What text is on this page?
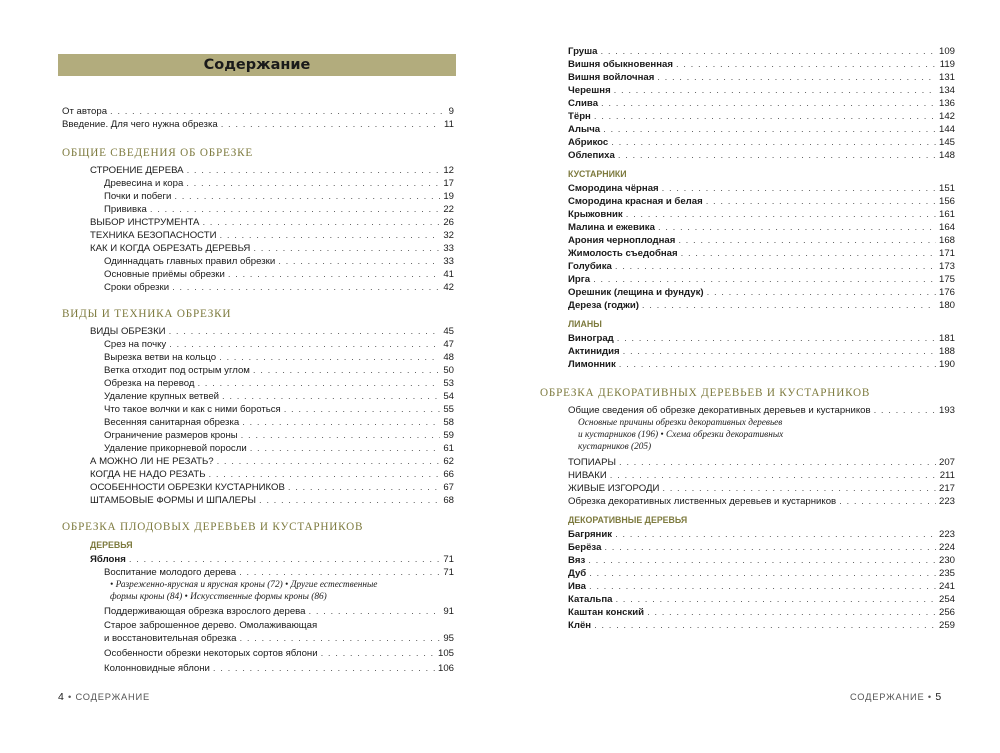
Содержание
От автора . . .	9
Введение. Для чего нужна обрезка . . .	11
ОБЩИЕ СВЕДЕНИЯ ОБ ОБРЕЗКЕ
СТРОЕНИЕ ДЕРЕВА . . .	12
Древесина и кора . . .	17
Почки и побеги . . .	19
Прививка . . .	22
ВЫБОР ИНСТРУМЕНТА . . .	26
ТЕХНИКА БЕЗОПАСНОСТИ . . .	32
КАК И КОГДА ОБРЕЗАТЬ ДЕРЕВЬЯ . . .	33
Одиннадцать главных правил обрезки . . .	33
Основные приёмы обрезки . . .	41
Сроки обрезки . . .	42
ВИДЫ И ТЕХНИКА ОБРЕЗКИ
ВИДЫ ОБРЕЗКИ . . .	45
Срез на почку . . .	47
Вырезка ветви на кольцо . . .	48
Ветка отходит под острым углом . . .	50
Обрезка на перевод . . .	53
Удаление крупных ветвей . . .	54
Что такое волчки и как с ними бороться . . .	55
Весенняя санитарная обрезка . . .	58
Ограничение размеров кроны . . .	59
Удаление прикорневой поросли . . .	61
А МОЖНО ЛИ НЕ РЕЗАТЬ? . . .	62
КОГДА НЕ НАДО РЕЗАТЬ . . .	66
ОСОБЕННОСТИ ОБРЕЗКИ КУСТАРНИКОВ . . .	67
ШТАМБОВЫЕ ФОРМЫ И ШПАЛЕРЫ . . .	68
ОБРЕЗКА ПЛОДОВЫХ ДЕРЕВЬЕВ И КУСТАРНИКОВ
ДЕРЕВЬЯ
Яблоня . . .	71
Воспитание молодого дерева . . .	71
• Разреженно-ярусная и ярусная кроны (72) • Другие естественные
формы кроны (84) • Искусственные формы кроны (86)
Поддерживающая обрезка взрослого дерева . . .	91
Старое заброшенное дерево. Омолаживающая
и восстановительная обрезка . . .	95
Особенности обрезки некоторых сортов яблони . . .	105
Колонновидные яблони . . .	106
4 • СОДЕРЖАНИЕ
Груша . . .	109
Вишня обыкновенная . . .	119
Вишня войлочная . . .	131
Черешня . . .	134
Слива . . .	136
Тёрн . . .	142
Алыча . . .	144
Абрикос . . .	145
Облепиха . . .	148
КУСТАРНИКИ
Смородина чёрная . . .	151
Смородина красная и белая . . .	156
Крыжовник . . .	161
Малина и ежевика . . .	164
Арония черноплодная . . .	168
Жимолость съедобная . . .	171
Голубика . . .	173
Ирга . . .	175
Орешник (лещина и фундук) . . .	176
Дереза (годжи) . . .	180
ЛИАНЫ
Виноград . . .	181
Актинидия . . .	188
Лимонник . . .	190
ОБРЕЗКА ДЕКОРАТИВНЫХ ДЕРЕВЬЕВ И КУСТАРНИКОВ
Общие сведения об обрезке декоративных деревьев и кустарников . . .	193
Основные причины обрезки декоративных деревьев
и кустарников (196) • Схема обрезки декоративных
кустарников (205)
ТОПИАРЫ . . .	207
НИВАКИ . . .	211
ЖИВЫЕ ИЗГОРОДИ . . .	217
Обрезка декоративных лиственных деревьев и кустарников . . .	223
ДЕКОРАТИВНЫЕ ДЕРЕВЬЯ
Багряник . . .	223
Берёза . . .	224
Вяз . . .	230
Дуб . . .	235
Ива . . .	241
Катальпа . . .	254
Каштан конский . . .	256
Клён . . .	259
СОДЕРЖАНИЕ • 5
